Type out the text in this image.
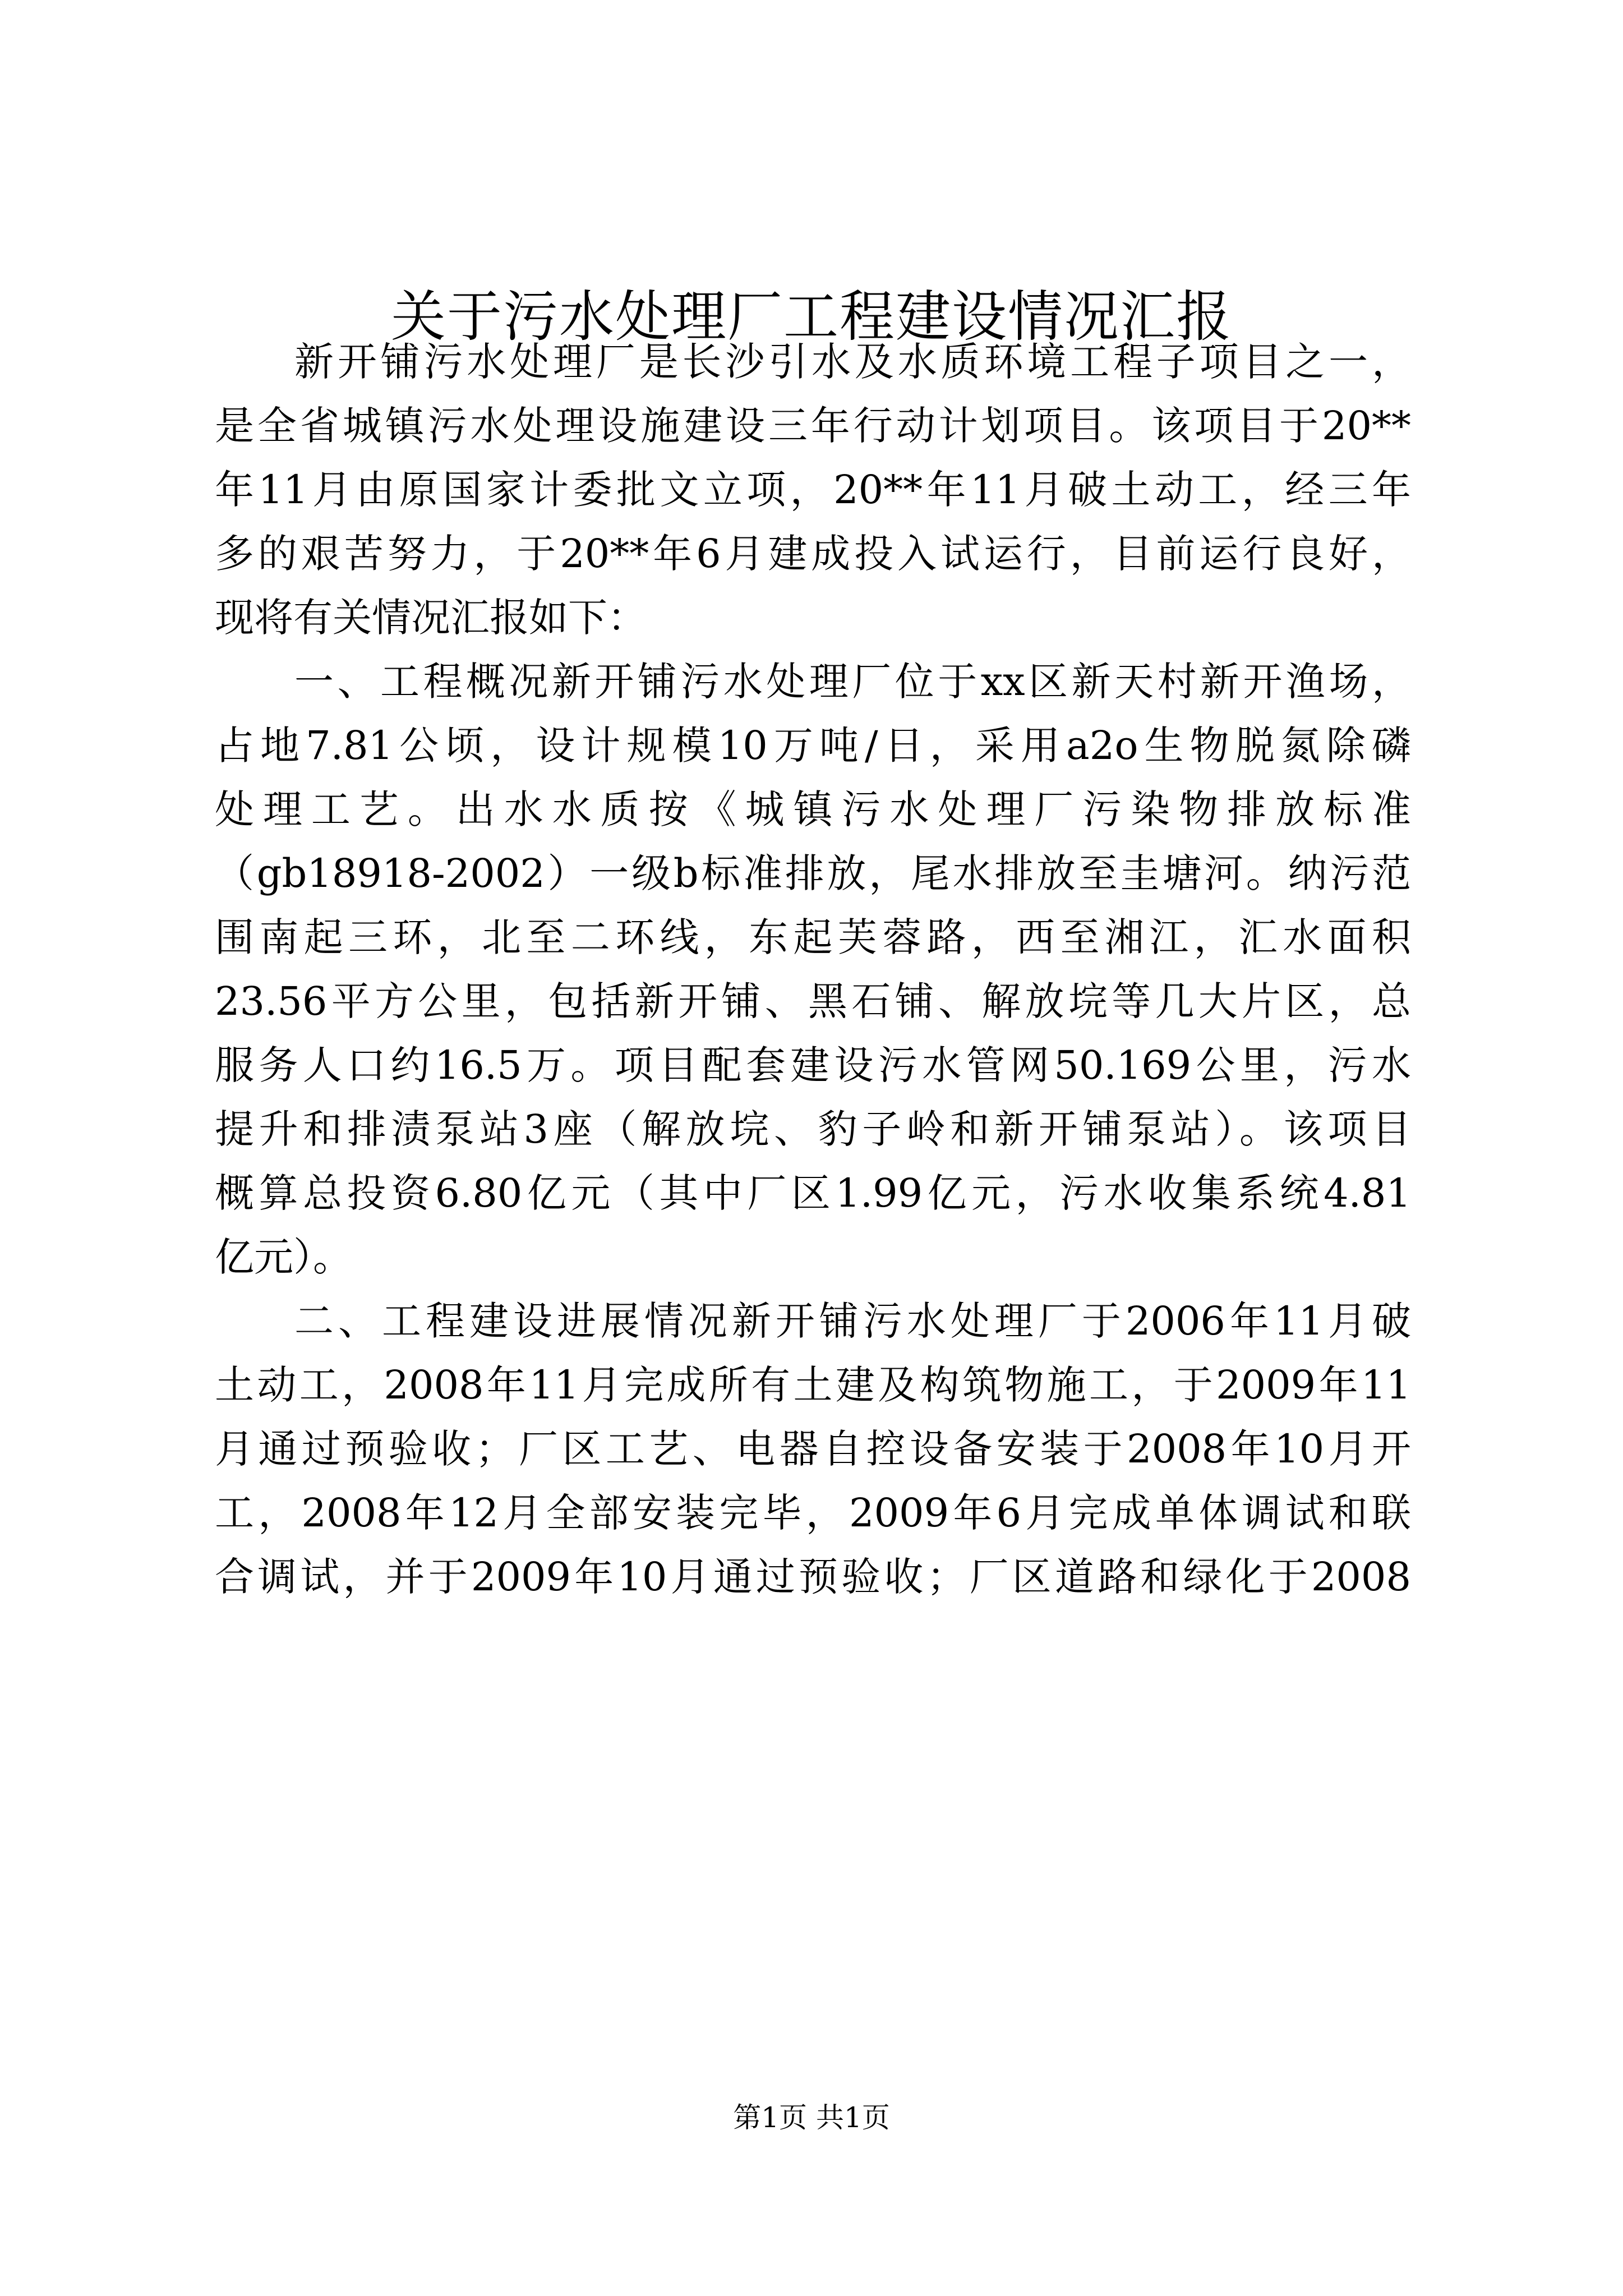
关于污水处理厂工程建设情况汇报
新开铺污水处理厂是长沙引水及水质环境工程子项目之一，
是全省城镇污水处理设施建设三年行动计划项目。该项目于20**
年11月由原国家计委批文立项，20**年11月破土动工，经三年
多的艰苦努力，于20**年6月建成投入试运行，目前运行良好，
现将有关情况汇报如下：
一、工程概况新开铺污水处理厂位于xx区新天村新开渔场，
占地7.81公顷，设计规模10万吨/日，采用a2o生物脱氮除磷
处理工艺。出水水质按《城镇污水处理厂污染物排放标准
（gb18918-2002）一级b标准排放，尾水排放至圭塘河。纳污范
围南起三环，北至二环线，东起芙蓉路，西至湘江，汇水面积
23.56平方公里，包括新开铺、黑石铺、解放垸等几大片区，总
服务人口约16.5万。项目配套建设污水管网50.169公里，污水
提升和排渍泵站3座（解放垸、豹子岭和新开铺泵站）。该项目
概算总投资6.80亿元（其中厂区1.99亿元，污水收集系统4.81
亿元）。
二、工程建设进展情况新开铺污水处理厂于2006年11月破
土动工，2008年11月完成所有土建及构筑物施工，于2009年11
月通过预验收；厂区工艺、电器自控设备安装于2008年10月开
工，2008年12月全部安装完毕，2009年6月完成单体调试和联
合调试，并于2009年10月通过预验收；厂区道路和绿化于2008
第1页 共1页
